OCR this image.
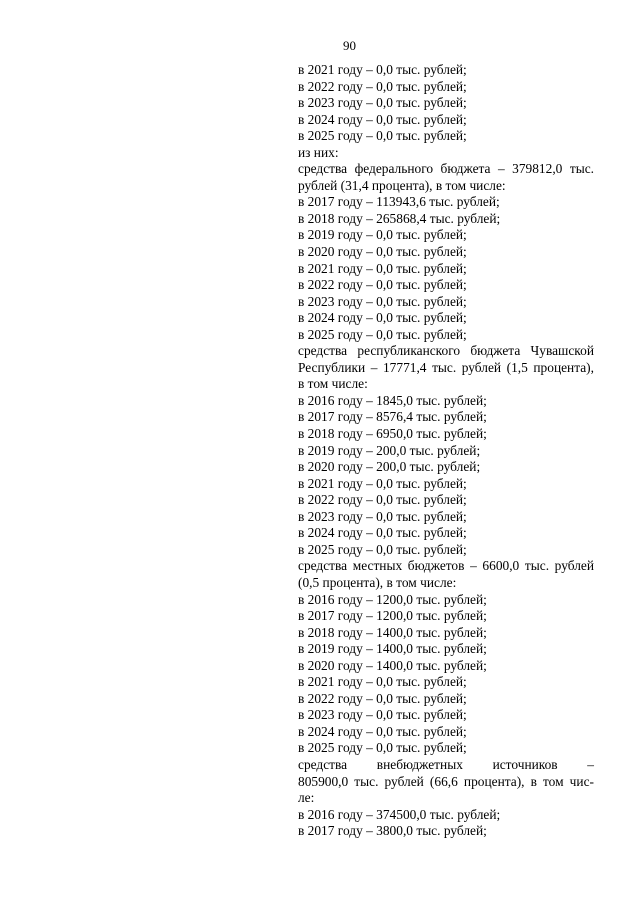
90
в 2021 году – 0,0 тыс. рублей;
в 2022 году – 0,0 тыс. рублей;
в 2023 году – 0,0 тыс. рублей;
в 2024 году – 0,0 тыс. рублей;
в 2025 году – 0,0 тыс. рублей;
из них:
средства федерального бюджета – 379812,0 тыс.
рублей (31,4 процента), в том числе:
в 2017 году – 113943,6 тыс. рублей;
в 2018 году – 265868,4 тыс. рублей;
в 2019 году – 0,0 тыс. рублей;
в 2020 году – 0,0 тыс. рублей;
в 2021 году – 0,0 тыс. рублей;
в 2022 году – 0,0 тыс. рублей;
в 2023 году – 0,0 тыс. рублей;
в 2024 году – 0,0 тыс. рублей;
в 2025 году – 0,0 тыс. рублей;
средства республиканского бюджета Чувашской
Республики – 17771,4 тыс. рублей (1,5 процента),
в том числе:
в 2016 году – 1845,0 тыс. рублей;
в 2017 году – 8576,4 тыс. рублей;
в 2018 году – 6950,0 тыс. рублей;
в 2019 году – 200,0 тыс. рублей;
в 2020 году – 200,0 тыс. рублей;
в 2021 году – 0,0 тыс. рублей;
в 2022 году – 0,0 тыс. рублей;
в 2023 году – 0,0 тыс. рублей;
в 2024 году – 0,0 тыс. рублей;
в 2025 году – 0,0 тыс. рублей;
средства местных бюджетов – 6600,0 тыс. рублей
(0,5 процента), в том числе:
в 2016 году – 1200,0 тыс. рублей;
в 2017 году – 1200,0 тыс. рублей;
в 2018 году – 1400,0 тыс. рублей;
в 2019 году – 1400,0 тыс. рублей;
в 2020 году – 1400,0 тыс. рублей;
в 2021 году – 0,0 тыс. рублей;
в 2022 году – 0,0 тыс. рублей;
в 2023 году – 0,0 тыс. рублей;
в 2024 году – 0,0 тыс. рублей;
в 2025 году – 0,0 тыс. рублей;
средства внебюджетных источников –
805900,0 тыс. рублей (66,6 процента), в том чис-
ле:
в 2016 году – 374500,0 тыс. рублей;
в 2017 году – 3800,0 тыс. рублей;
